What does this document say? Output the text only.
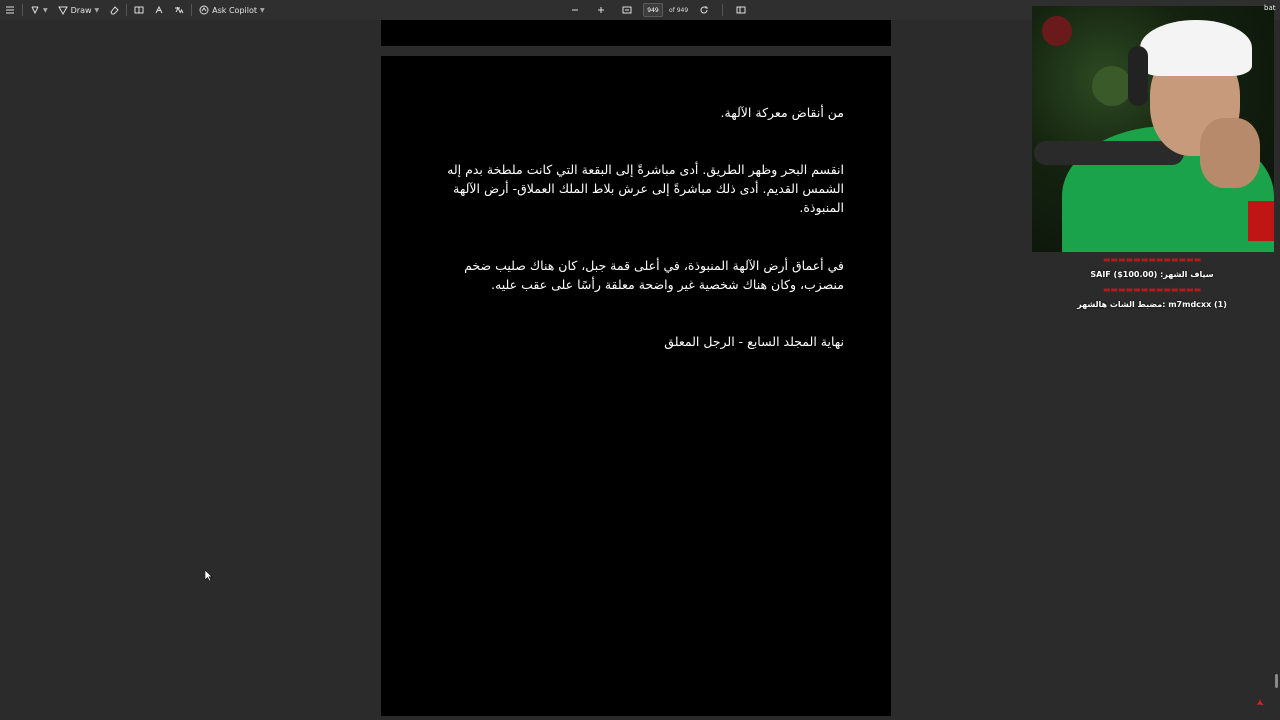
▼	Draw ▼	Ask Copilot ▼
949	of 949

من أنقاض معركة الآلهة.

انقسم البحر وظهر الطريق. أدى مباشرةً إلى البقعة التي كانت ملطخة بدم إله الشمس القديم. أدى ذلك مباشرةً إلى عرش بلاط الملك العملاق- أرض الآلهة المنبوذة.

في أعماق أرض الآلهة المنبوذة، في أعلى قمة جبل، كان هناك صليب ضخم منصزب، وكان هناك شخصية غير واضحة معلقة رأسًا على عقب عليه.

نهاية المجلد السابع - الرجل المعلق

bat
▬▬▬▬▬▬▬▬▬▬▬▬▬
سياف الشهر: SAIF ($100.00)
▬▬▬▬▬▬▬▬▬▬▬▬▬
m7mdcxx (1) :مضبط الشات هالشهر
